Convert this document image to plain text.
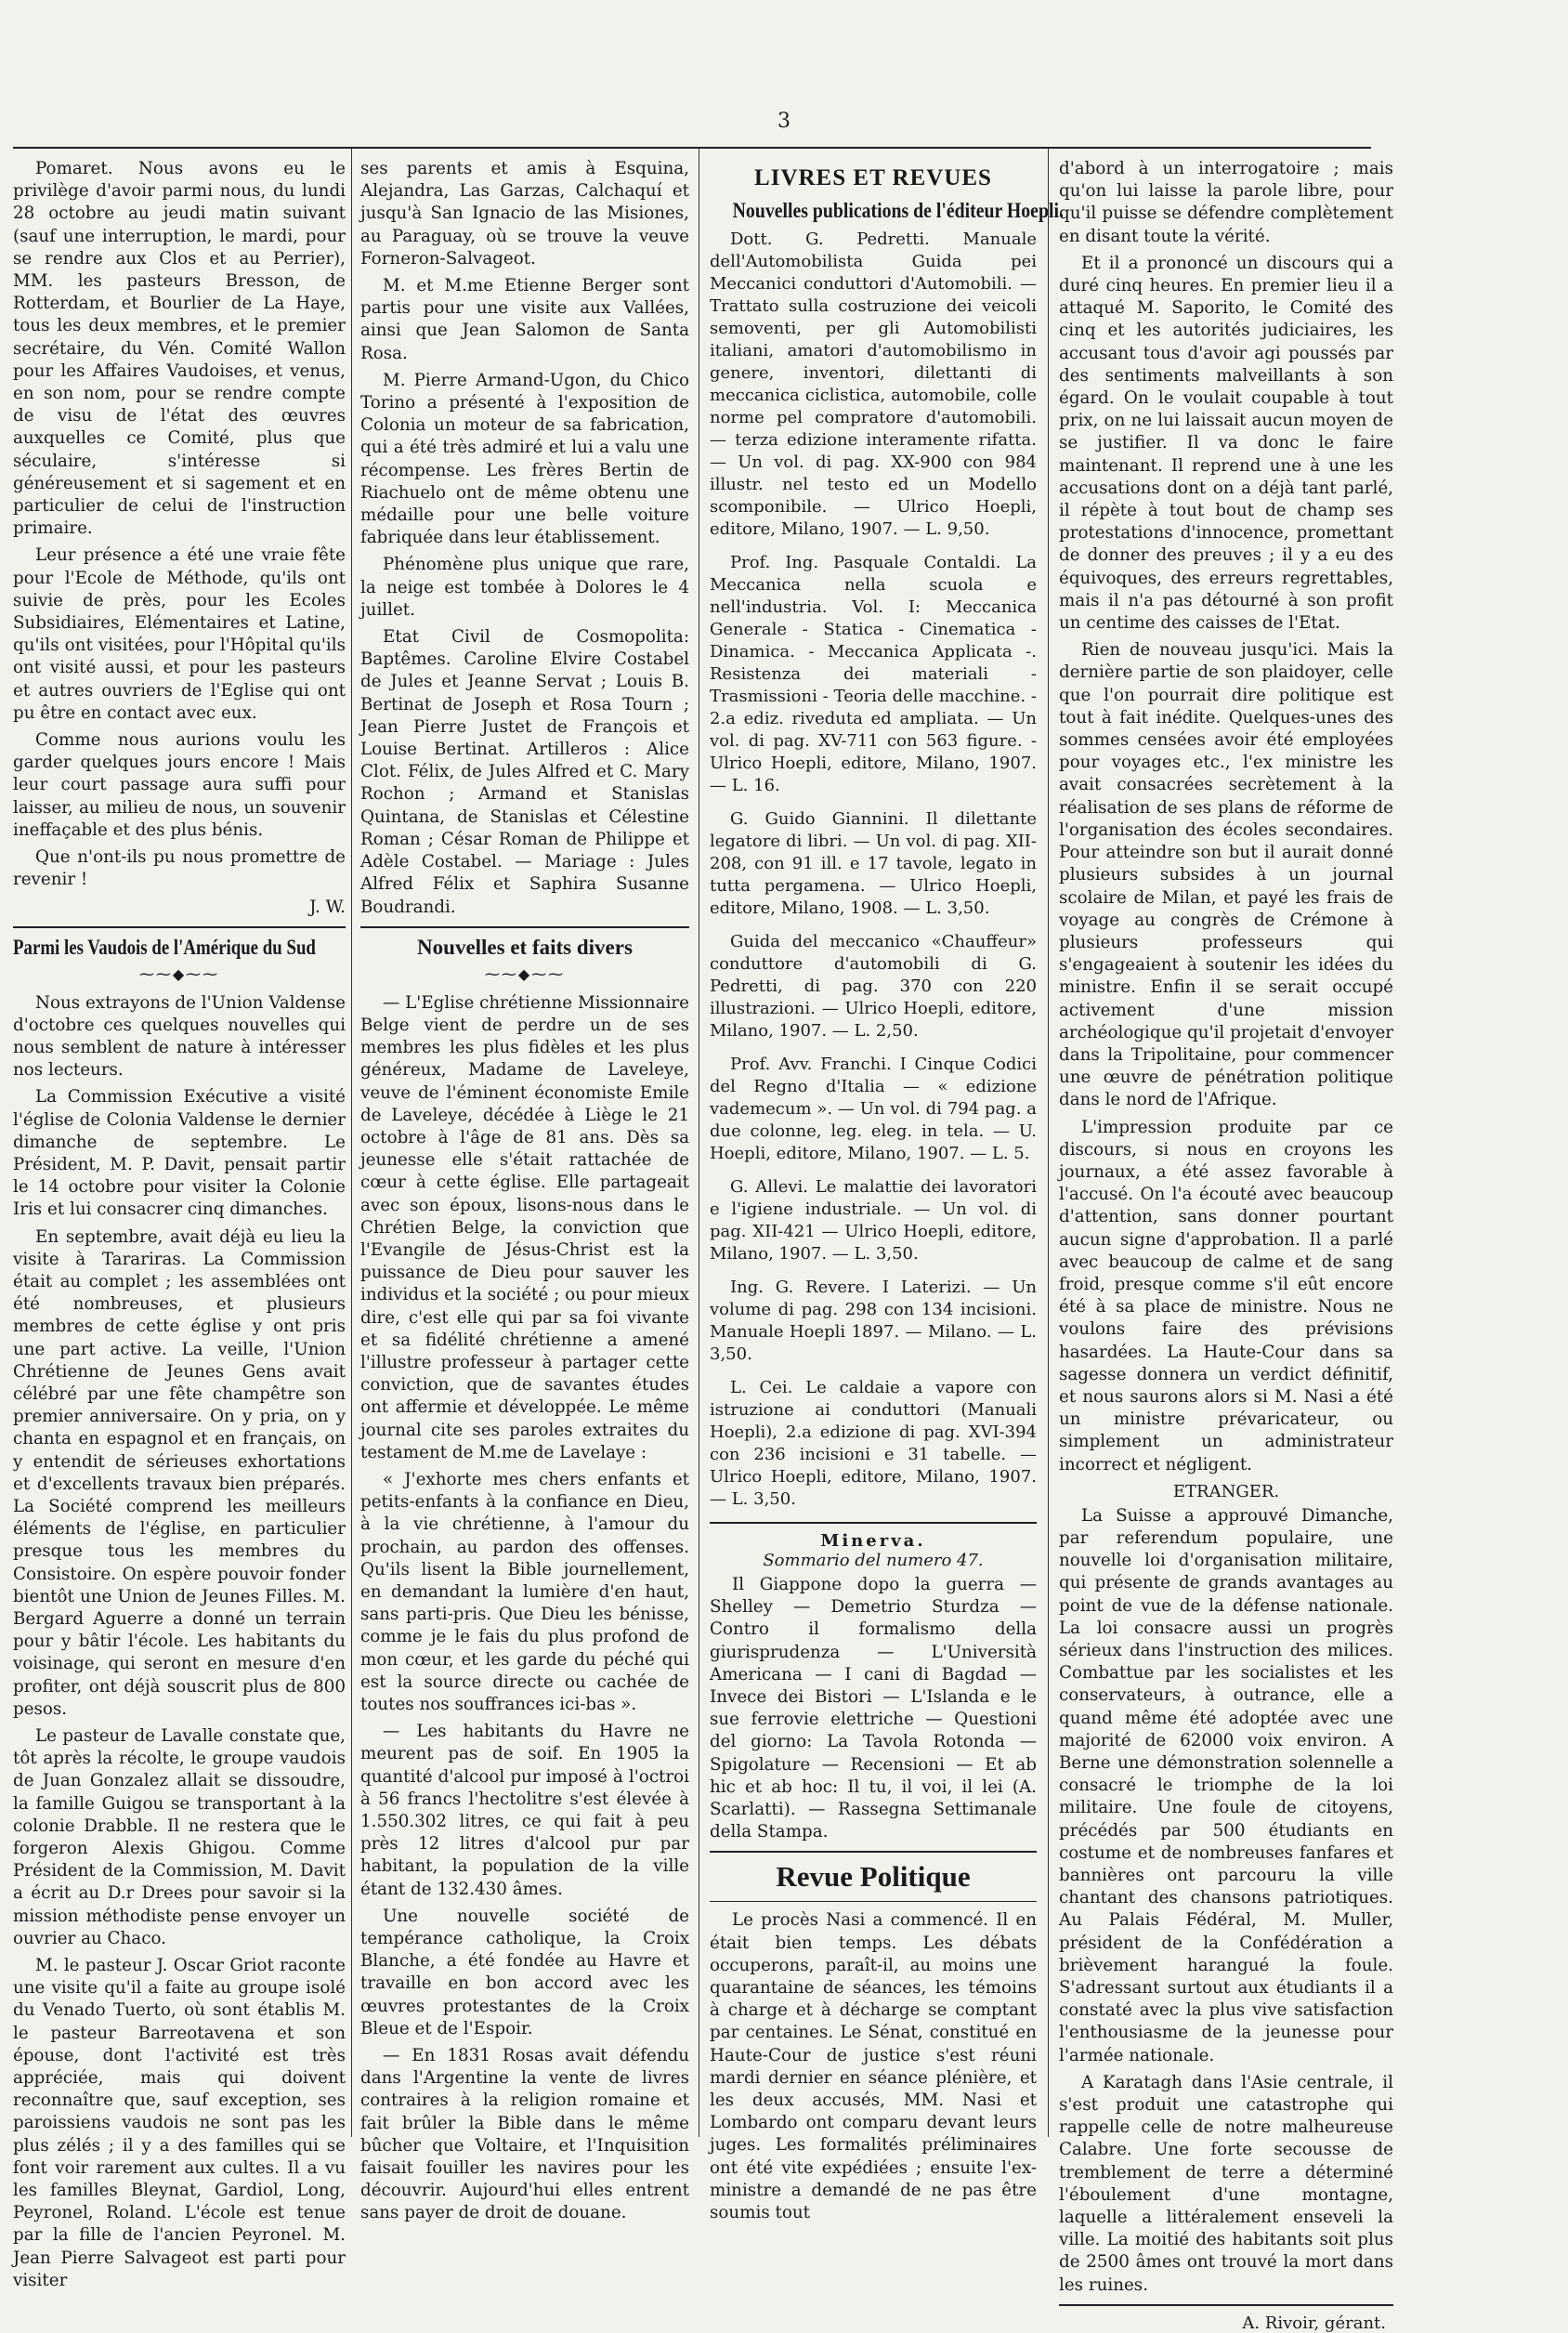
3

Pomaret. Nous avons eu le privilège d'avoir parmi nous, du lundi 28 octobre au jeudi matin suivant (sauf une interruption, le mardi, pour se rendre aux Clos et au Perrier), MM. les pasteurs Bresson, de Rotterdam, et Bourlier de La Haye, tous les deux membres, et le premier secrétaire, du Vén. Comité Wallon pour les Affaires Vaudoises, et venus, en son nom, pour se rendre compte de visu de l'état des œuvres auxquelles ce Comité, plus que séculaire, s'intéresse si généreusement et si sagement et en particulier de celui de l'instruction primaire.

Leur présence a été une vraie fête pour l'Ecole de Méthode, qu'ils ont suivie de près, pour les Ecoles Subsidiaires, Elémentaires et Latine, qu'ils ont visitées, pour l'Hôpital qu'ils ont visité aussi, et pour les pasteurs et autres ouvriers de l'Eglise qui ont pu être en contact avec eux.

Comme nous aurions voulu les garder quelques jours encore ! Mais leur court passage aura suffi pour laisser, au milieu de nous, un souvenir ineffaçable et des plus bénis.

Que n'ont-ils pu nous promettre de revenir !

J. W.
Parmi les Vaudois de l'Amérique du Sud
⁓⁓◆⁓⁓

Nous extrayons de l'Union Valdense d'octobre ces quelques nouvelles qui nous semblent de nature à intéresser nos lecteurs.

La Commission Exécutive a visité l'église de Colonia Valdense le dernier dimanche de septembre. Le Président, M. P. Davit, pensait partir le 14 octobre pour visiter la Colonie Iris et lui consacrer cinq dimanches.

En septembre, avait déjà eu lieu la visite à Tarariras. La Commission était au complet ; les assemblées ont été nombreuses, et plusieurs membres de cette église y ont pris une part active. La veille, l'Union Chrétienne de Jeunes Gens avait célébré par une fête champêtre son premier anniversaire. On y pria, on y chanta en espagnol et en français, on y entendit de sérieuses exhortations et d'excellents travaux bien préparés. La Société comprend les meilleurs éléments de l'église, en particulier presque tous les membres du Consistoire. On espère pouvoir fonder bientôt une Union de Jeunes Filles. M. Bergard Aguerre a donné un terrain pour y bâtir l'école. Les habitants du voisinage, qui seront en mesure d'en profiter, ont déjà souscrit plus de 800 pesos.

Le pasteur de Lavalle constate que, tôt après la récolte, le groupe vaudois de Juan Gonzalez allait se dissoudre, la famille Guigou se transportant à la colonie Drabble. Il ne restera que le forgeron Alexis Ghigou. Comme Président de la Commission, M. Davit a écrit au D.r Drees pour savoir si la mission méthodiste pense envoyer un ouvrier au Chaco.

M. le pasteur J. Oscar Griot raconte une visite qu'il a faite au groupe isolé du Venado Tuerto, où sont établis M. le pasteur Barreotavena et son épouse, dont l'activité est très appréciée, mais qui doivent reconnaître que, sauf exception, ses paroissiens vaudois ne sont pas les plus zélés ; il y a des familles qui se font voir rarement aux cultes. Il a vu les familles Bleynat, Gardiol, Long, Peyronel, Roland. L'école est tenue par la fille de l'ancien Peyronel. M. Jean Pierre Salvageot est parti pour visiter

ses parents et amis à Esquina, Alejandra, Las Garzas, Calchaquí et jusqu'à San Ignacio de las Misiones, au Paraguay, où se trouve la veuve Forneron-Salvageot.

M. et M.me Etienne Berger sont partis pour une visite aux Vallées, ainsi que Jean Salomon de Santa Rosa.

M. Pierre Armand-Ugon, du Chico Torino a présenté à l'exposition de Colonia un moteur de sa fabrication, qui a été très admiré et lui a valu une récompense. Les frères Bertin de Riachuelo ont de même obtenu une médaille pour une belle voiture fabriquée dans leur établissement.

Phénomène plus unique que rare, la neige est tombée à Dolores le 4 juillet.

Etat Civil de Cosmopolita: Baptêmes. Caroline Elvire Costabel de Jules et Jeanne Servat ; Louis B. Bertinat de Joseph et Rosa Tourn ; Jean Pierre Justet de François et Louise Bertinat. Artilleros : Alice Clot. Félix, de Jules Alfred et C. Mary Rochon ; Armand et Stanislas Quintana, de Stanislas et Célestine Roman ; César Roman de Philippe et Adèle Costabel. — Mariage : Jules Alfred Félix et Saphira Susanne Boudrandi.

Nouvelles et faits divers
⁓⁓◆⁓⁓

— L'Eglise chrétienne Missionnaire Belge vient de perdre un de ses membres les plus fidèles et les plus généreux, Madame de Laveleye, veuve de l'éminent économiste Emile de Laveleye, décédée à Liège le 21 octobre à l'âge de 81 ans. Dès sa jeunesse elle s'était rattachée de cœur à cette église. Elle partageait avec son époux, lisons-nous dans le Chrétien Belge, la conviction que l'Evangile de Jésus-Christ est la puissance de Dieu pour sauver les individus et la société ; ou pour mieux dire, c'est elle qui par sa foi vivante et sa fidélité chrétienne a amené l'illustre professeur à partager cette conviction, que de savantes études ont affermie et développée. Le même journal cite ses paroles extraites du testament de M.me de Lavelaye :

« J'exhorte mes chers enfants et petits-enfants à la confiance en Dieu, à la vie chrétienne, à l'amour du prochain, au pardon des offenses. Qu'ils lisent la Bible journellement, en demandant la lumière d'en haut, sans parti-pris. Que Dieu les bénisse, comme je le fais du plus profond de mon cœur, et les garde du péché qui est la source directe ou cachée de toutes nos souffrances ici-bas ».

— Les habitants du Havre ne meurent pas de soif. En 1905 la quantité d'alcool pur imposé à l'octroi à 56 francs l'hectolitre s'est élevée à 1.550.302 litres, ce qui fait à peu près 12 litres d'alcool pur par habitant, la population de la ville étant de 132.430 âmes.

Une nouvelle société de tempérance catholique, la Croix Blanche, a été fondée au Havre et travaille en bon accord avec les œuvres protestantes de la Croix Bleue et de l'Espoir.

— En 1831 Rosas avait défendu dans l'Argentine la vente de livres contraires à la religion romaine et fait brûler la Bible dans le même bûcher que Voltaire, et l'Inquisition faisait fouiller les navires pour les découvrir. Aujourd'hui elles entrent sans payer de droit de douane.

LIVRES ET REVUES
Nouvelles publications de l'éditeur Hoepli.
Dott. G. Pedretti. Manuale dell'Automobilista Guida pei Meccanici conduttori d'Automobili. — Trattato sulla costruzione dei veicoli semoventi, per gli Automobilisti italiani, amatori d'automobilismo in genere, inventori, dilettanti di meccanica ciclistica, automobile, colle norme pel compratore d'automobili. — terza edizione interamente rifatta. — Un vol. di pag. XX-900 con 984 illustr. nel testo ed un Modello scomponibile. — Ulrico Hoepli, editore, Milano, 1907. — L. 9,50.
Prof. Ing. Pasquale Contaldi. La Meccanica nella scuola e nell'industria. Vol. I: Meccanica Generale - Statica - Cinematica - Dinamica. - Meccanica Applicata -. Resistenza dei materiali - Trasmissioni - Teoria delle macchine. - 2.a ediz. riveduta ed ampliata. — Un vol. di pag. XV-711 con 563 figure. - Ulrico Hoepli, editore, Milano, 1907. — L. 16.
G. Guido Giannini. Il dilettante legatore di libri. — Un vol. di pag. XII-208, con 91 ill. e 17 tavole, legato in tutta pergamena. — Ulrico Hoepli, editore, Milano, 1908. — L. 3,50.
Guida del meccanico «Chauffeur» conduttore d'automobili di G. Pedretti, di pag. 370 con 220 illustrazioni. — Ulrico Hoepli, editore, Milano, 1907. — L. 2,50.
Prof. Avv. Franchi. I Cinque Codici del Regno d'Italia — « edizione vademecum ». — Un vol. di 794 pag. a due colonne, leg. eleg. in tela. — U. Hoepli, editore, Milano, 1907. — L. 5.
G. Allevi. Le malattie dei lavoratori e l'igiene industriale. — Un vol. di pag. XII-421 — Ulrico Hoepli, editore, Milano, 1907. — L. 3,50.
Ing. G. Revere. I Laterizi. — Un volume di pag. 298 con 134 incisioni. Manuale Hoepli 1897. — Milano. — L. 3,50.
L. Cei. Le caldaie a vapore con istruzione ai conduttori (Manuali Hoepli), 2.a edizione di pag. XVI-394 con 236 incisioni e 31 tabelle. — Ulrico Hoepli, editore, Milano, 1907. — L. 3,50.
Minerva.
Sommario del numero 47.

Il Giappone dopo la guerra — Shelley — Demetrio Sturdza — Contro il formalismo della giurisprudenza — L'Università Americana — I cani di Bagdad — Invece dei Bistori — L'Islanda e le sue ferrovie elettriche — Questioni del giorno: La Tavola Rotonda — Spigolature — Recensioni — Et ab hic et ab hoc: Il tu, il voi, il lei (A. Scarlatti). — Rassegna Settimanale della Stampa.

Revue Politique

Le procès Nasi a commencé. Il en était bien temps. Les débats occuperons, paraît-il, au moins une quarantaine de séances, les témoins à charge et à décharge se comptant par centaines. Le Sénat, constitué en Haute-Cour de justice s'est réuni mardi dernier en séance plénière, et les deux accusés, MM. Nasi et Lombardo ont comparu devant leurs juges. Les formalités préliminaires ont été vite expédiées ; ensuite l'ex-ministre a demandé de ne pas être soumis tout

d'abord à un interrogatoire ; mais qu'on lui laisse la parole libre, pour qu'il puisse se défendre complètement en disant toute la vérité.

Et il a prononcé un discours qui a duré cinq heures. En premier lieu il a attaqué M. Saporito, le Comité des cinq et les autorités judiciaires, les accusant tous d'avoir agi poussés par des sentiments malveillants à son égard. On le voulait coupable à tout prix, on ne lui laissait aucun moyen de se justifier. Il va donc le faire maintenant. Il reprend une à une les accusations dont on a déjà tant parlé, il répète à tout bout de champ ses protestations d'innocence, promettant de donner des preuves ; il y a eu des équivoques, des erreurs regrettables, mais il n'a pas détourné à son profit un centime des caisses de l'Etat.

Rien de nouveau jusqu'ici. Mais la dernière partie de son plaidoyer, celle que l'on pourrait dire politique est tout à fait inédite. Quelques-unes des sommes censées avoir été employées pour voyages etc., l'ex ministre les avait consacrées secrètement à la réalisation de ses plans de réforme de l'organisation des écoles secondaires. Pour atteindre son but il aurait donné plusieurs subsides à un journal scolaire de Milan, et payé les frais de voyage au congrès de Crémone à plusieurs professeurs qui s'engageaient à soutenir les idées du ministre. Enfin il se serait occupé activement d'une mission archéologique qu'il projetait d'envoyer dans la Tripolitaine, pour commencer une œuvre de pénétration politique dans le nord de l'Afrique.

L'impression produite par ce discours, si nous en croyons les journaux, a été assez favorable à l'accusé. On l'a écouté avec beaucoup d'attention, sans donner pourtant aucun signe d'approbation. Il a parlé avec beaucoup de calme et de sang froid, presque comme s'il eût encore été à sa place de ministre. Nous ne voulons faire des prévisions hasardées. La Haute-Cour dans sa sagesse donnera un verdict définitif, et nous saurons alors si M. Nasi a été un ministre prévaricateur, ou simplement un administrateur incorrect et négligent.

ETRANGER.

La Suisse a approuvé Dimanche, par referendum populaire, une nouvelle loi d'organisation militaire, qui présente de grands avantages au point de vue de la défense nationale. La loi consacre aussi un progrès sérieux dans l'instruction des milices. Combattue par les socialistes et les conservateurs, à outrance, elle a quand même été adoptée avec une majorité de 62000 voix environ. A Berne une démonstration solennelle a consacré le triomphe de la loi militaire. Une foule de citoyens, précédés par 500 étudiants en costume et de nombreuses fanfares et bannières ont parcouru la ville chantant des chansons patriotiques. Au Palais Fédéral, M. Muller, président de la Confédération a brièvement harangué la foule. S'adressant surtout aux étudiants il a constaté avec la plus vive satisfaction l'enthousiasme de la jeunesse pour l'armée nationale.

A Karatagh dans l'Asie centrale, il s'est produit une catastrophe qui rappelle celle de notre malheureuse Calabre. Une forte secousse de tremblement de terre a déterminé l'éboulement d'une montagne, laquelle a littéralement enseveli la ville. La moitié des habitants soit plus de 2500 âmes ont trouvé la mort dans les ruines.

A. Rivoir, gérant.
